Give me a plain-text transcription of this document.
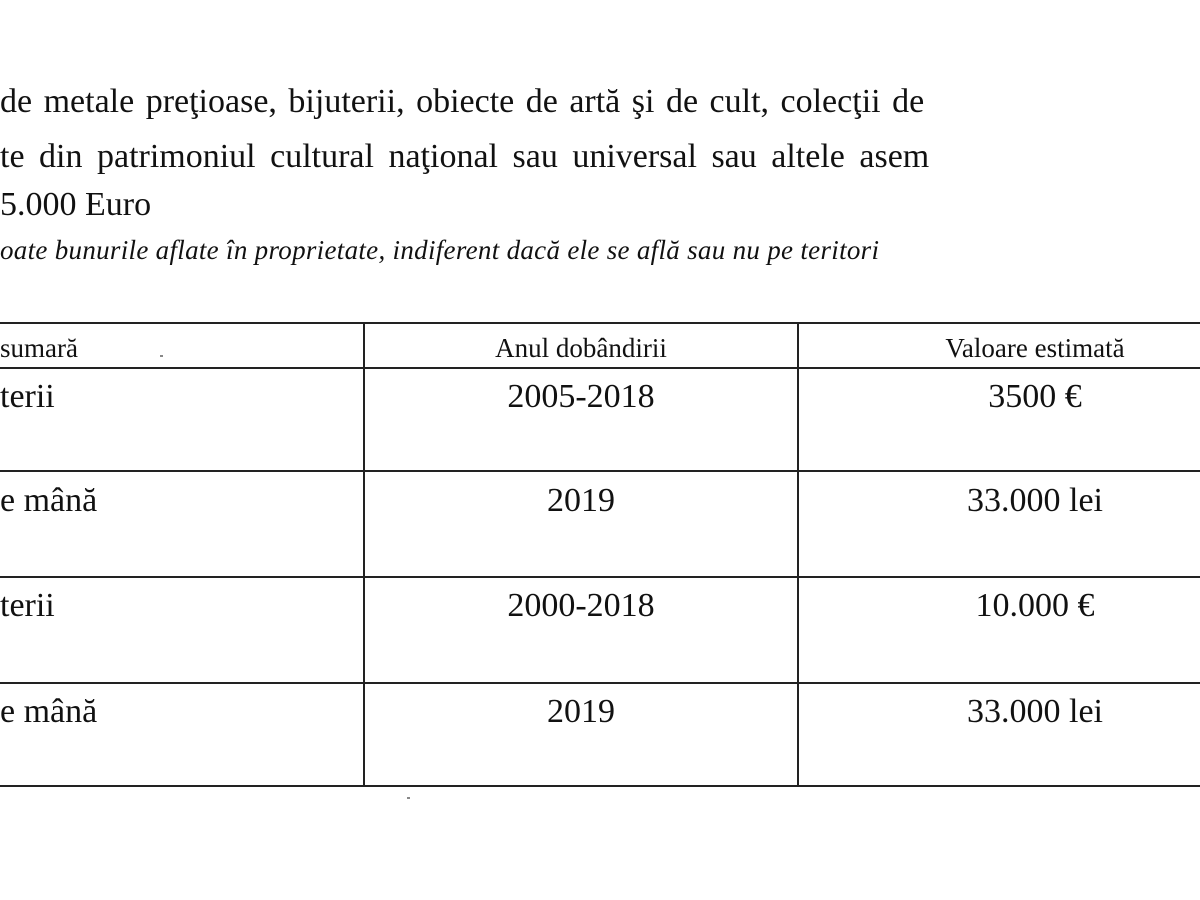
de metale preţioase, bijuterii, obiecte de artă şi de cult, colecţii de
te din patrimoniul cultural naţional sau universal sau altele asem
5.000 Euro
oate bunurile aflate în proprietate, indiferent dacă ele se află sau nu pe teritori
sumară	Anul dobândirii	Valoare estimată
terii	2005-2018	3500 €
e mână	2019	33.000 lei
terii	2000-2018	10.000 €
e mână	2019	33.000 lei
